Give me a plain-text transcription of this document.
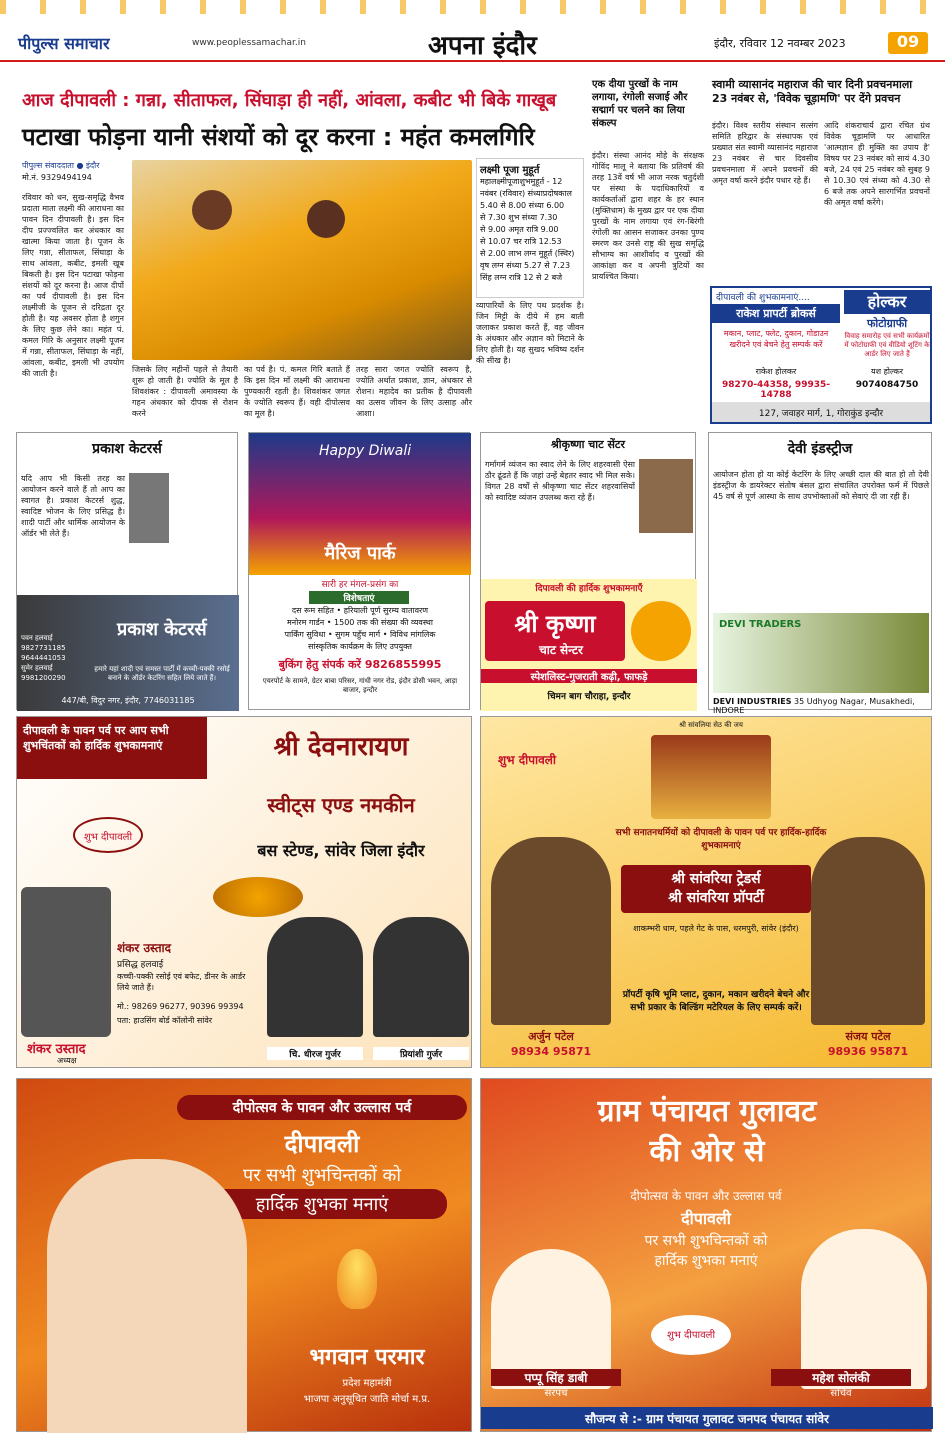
पीपुल्स समाचार	www.peoplessamachar.in	अपना इंदौर	इंदौर, रविवार 12 नवम्बर 2023	09
आज दीपावली : गन्ना, सीताफल, सिंघाड़ा ही नहीं, आंवला, कबीट भी बिके गाखूब
पटाखा फोड़ना यानी संशयों को दूर करना : महंत कमलगिरि
पीपुल्स संवाददाता ● इंदौर
मो.नं. 9329494194
रविवार को धन, सुख-समृद्धि वैभव प्रदाता माता लक्ष्मी की आराधना का पावन दिन दीपावली है। इस दिन दीप प्रज्ज्वलित कर अंधकार का खात्मा किया जाता है। पूजन के लिए गन्ना, सीताफल, सिंघाड़ा के साथ आंवला, कबीट, इमली खूब बिकती है। इस दिन पटाखा फोड़ना संशयों को दूर करना है। आज दीपों का पर्व दीपावली है। इस दिन लक्ष्मीजी के पूजन से दरिद्रता दूर होती है। यह अवसर होता है शगुन के लिए कुछ लेने का। महंत पं. कमल गिरि के अनुसार लक्ष्मी पूजन में गन्ना, सीताफल, सिंघाड़ा के नहीं, आंवला, कबीट, इमली भी उपयोग की जाती है।	जिसके लिए महीनों पहले से तैयारी शुरू हो जाती है। ज्योति के मूल है शिवशंकर : दीपावली अमावस्या के गहन अंधकार को दीपक से रोशन करने
का पर्व है। पं. कमल गिरि बताते हैं कि इस दिन माँ लक्ष्मी की आराधना पुण्यकारी रहती है। शिवशंकर जगत के ज्योति स्वरूप हैं। वही दीपोत्सव का मूल है।
तरह सारा जगत ज्योति स्वरूप है, ज्योति अर्थात प्रकाश, ज्ञान, अंधकार से रोशन। महादेव का प्रतीक है दीपावली का उत्सव जीवन के लिए उत्साह और आशा।
लक्ष्मी पूजा मुहूर्त
महालक्ष्मीपूजाशुभमुहूर्त - 12 नवंबर (रविवार) संध्याप्रदोषकाल
5.40 से 8.00 संध्या 6.00
से 7.30 शुभ संध्या 7.30
से 9.00 अमृत रात्रि 9.00
से 10.07 चर रात्रि 12.53
से 2.00 लाभ लग्न मुहूर्त (स्थिर)
वृष लग्न संध्या 5.27 से 7.23
सिंह लग्न रात्रि 12 से 2 बजे
व्यापारियों के लिए पथ प्रदर्शक है। जिन मिट्टी के दीये में हम बाती जलाकर प्रकाश करते हैं, वह जीवन के अंधकार और अज्ञान को मिटाने के लिए होती है। यह सुखद भविष्य दर्शन की सीख है।
एक दीया पुरखों के नाम लगाया, रंगोली सजाई और सद्मार्ग पर चलने का लिया संकल्प
इंदौर। संस्था आनंद मोहे के संरक्षक गोविंद मालू ने बताया कि प्रतिवर्ष की तरह 13वें वर्ष भी आज नरक चतुर्दशी पर संस्था के पदाधिकारियों व कार्यकर्ताओं द्वारा शहर के हर स्थान (मुक्तिधाम) के मुख्य द्वार पर एक दीया पुरखों के नाम लगाया एवं रंग-बिरंगी रंगोली का आसन सजाकर उनका पुण्य स्मरण कर उनसे राष्ट्र की सुख समृद्धि सौभाग्य का आशीर्वाद व पुरखों की आकांक्षा कर व अपनी त्रुटियों का प्रायश्चित किया।
स्वामी व्यासानंद महाराज की चार दिनी प्रवचनमाला 23 नवंबर से, 'विवेक चूड़ामणि' पर देंगे प्रवचन
इंदौर। विश्व स्तरीय संस्थान सत्संग समिति हरिद्वार के संस्थापक एवं प्रख्यात संत स्वामी व्यासानंद महाराज 23 नवंबर से चार दिवसीय प्रवचनमाला में अपने प्रवचनों की अमृत वर्षा करने इंदौर पधार रहे हैं।
आदि शंकराचार्य द्वारा रचित ग्रंथ विवेक चूड़ामणि पर आधारित 'आत्मज्ञान ही मुक्ति का उपाय है' विषय पर 23 नवंबर को सायं 4.30 बजे, 24 एवं 25 नवंबर को सुबह 9 से 10.30 एवं संध्या को 4.30 से 6 बजे तक अपने सारगर्भित प्रवचनों की अमृत वर्षा करेंगे।
दीपावली की शुभकामनाएं....
राकेश प्रापर्टी ब्रोकर्स
मकान, प्लाट, फ्लेट, दुकान, गोडाउन खरीदने एवं बेचने हेतु सम्पर्क करें
राकेश होलकर
98270-44358, 99935-14788
होल्कर
फोटोग्राफी
विवाह समारोह एवं सभी कार्यक्रमों में फोटोग्राफी एवं वीडियो शूटिंग के आर्डर लिए जाते हैं
यश होल्कर
9074084750
127, जवाहर मार्ग, 1, गोराकुंड इन्दौर
प्रकाश केटरर्स
यदि आप भी किसी तरह का आयोजन करने वाले हैं तो आप का स्वागत है। प्रकाश केटरर्स शुद्ध, स्वादिष्ट भोजन के लिए प्रसिद्ध है। शादी पार्टी और धार्मिक आयोजन के ऑर्डर भी लेते हैं।
प्रकाश केटरर्स
पवन हलवाई 9827731185
9644441053
सुमेर हलवाई 9981200290
हमारे यहां शादी एवं समस्त पार्टी में कच्ची-पक्की रसोई बनाने के ऑर्डर केटरिंग सहित लिये जाते हैं।
447/बी, विदुर नगर, इंदौर, 7746031185
Happy Diwali
मैरिज पार्क
सारी हर मंगल-प्रसंग का
विशेषताएं
दस रूम सहित • हरियाली पूर्ण सुरम्य वातावरण
मनोरम गार्डन • 1500 तक की संख्या की व्यवस्था
पार्किंग सुविधा • सुगम पहुँच मार्ग • विविध मांगलिक
सांस्कृतिक कार्यक्रम के लिए उपयुक्त
बुकिंग हेतु संपर्क करें 9826855995
एयरपोर्ट के सामने, ग्रेटर बाबा परिसर, गांधी नगर रोड, इंदौर डोसी भवन, आड़ा बाजार, इन्दौर
श्रीकृष्णा चाट सेंटर
गर्मागर्म व्यंजन का स्वाद लेने के लिए शहरवासी ऐसा ठौर ढूंढते हैं कि जहां उन्हें बेहतर स्वाद भी मिल सके। विगत 28 वर्षों से श्रीकृष्णा चाट सेंटर शहरवासियों को स्वादिष्ट व्यंजन उपलब्ध करा रहे हैं।
दिपावली की हार्दिक शुभकामनाएँ
श्री कृष्णा
चाट सेन्टर
स्पेशलिस्ट-गुजराती कढ़ी, फाफड़े
चिमन बाग चौराहा, इन्दौर
देवी इंडस्ट्रीज
आयोजन होता हो या कोई केटरिंग के लिए अच्छी दाल की बात हो तो देवी इंडस्ट्रीज के डायरेक्टर संतोष बंसल द्वारा संचालित उपरोक्त फर्म में पिछले 45 वर्ष से पूर्ण आस्था के साथ उपभोक्ताओं को सेवाएं दी जा रही हैं।
DEVI TRADERS
DEVI INDUSTRIES 35 Udhyog Nagar, Musakhedi, INDORE
दीपावली के पावन पर्व पर आप सभी शुभचिंतकों को हार्दिक शुभकामनाएं	श्री देवनारायण
स्वीट्स एण्ड नमकीन
बस स्टेण्ड, सांवेर जिला इंदौर
शुभ दीपावली
शंकर उस्ताद
प्रसिद्ध हलवाई
कच्ची-पक्की रसोई एवं बफेट, डीनर के आर्डर लिये जाते हैं।
मो.: 98269 96277, 90396 99394
पता: हाउसिंग बोर्ड कॉलोनी सांवेर
शंकर उस्ताद
अध्यक्ष
चि. धीरज गुर्जर	प्रियांशी गुर्जर
शुभ दीपावली
श्री सांवलिया सेठ की जय
सभी सनातनधर्मियों को दीपावली के पावन पर्व पर हार्दिक-हार्दिक शुभकामनाएं
श्री सांवरिया ट्रेडर्स
श्री सांवरिया प्रॉपर्टी
शाकम्भरी धाम, पहले गेट के पास, धरमपुरी, सांवेर (इंदौर)
प्रॉपर्टी कृषि भूमि प्लाट, दुकान, मकान खरीदने बेचने और सभी प्रकार के बिल्डिंग मटेरियल के लिए सम्पर्क करें।
अर्जुन पटेल
98934 95871
संजय पटेल
98936 95871
दीपोत्सव के पावन और उल्लास पर्व
दीपावली
पर सभी शुभचिन्तकों को
हार्दिक शुभका मनाएं
भगवान परमार
प्रदेश महामंत्री
भाजपा अनुसूचित जाति मोर्चा म.प्र.
ग्राम पंचायत गुलावट
की ओर से
दीपोत्सव के पावन और उल्लास पर्व
दीपावली
पर सभी शुभचिन्तकों को
हार्दिक शुभका मनाएं
शुभ दीपावली
पप्पू सिंह डाबी
सरपंच
महेश सोलंकी
सचिव
सौजन्य से :- ग्राम पंचायत गुलावट जनपद पंचायत सांवेर
